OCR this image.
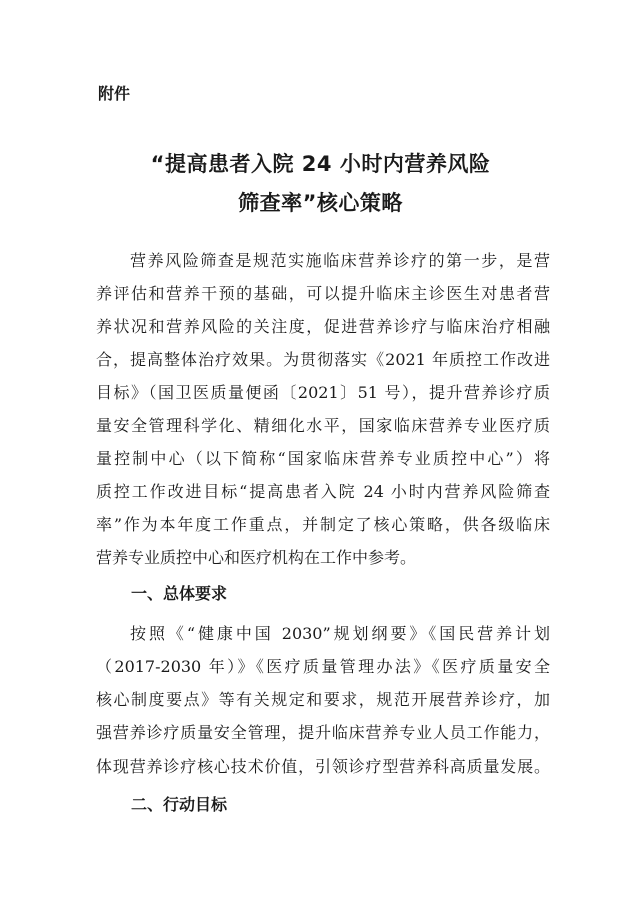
附件
“提高患者入院 24 小时内营养风险
筛查率”核心策略
营养风险筛查是规范实施临床营养诊疗的第一步，是营
养评估和营养干预的基础，可以提升临床主诊医生对患者营
养状况和营养风险的关注度，促进营养诊疗与临床治疗相融
合，提高整体治疗效果。为贯彻落实《2021 年质控工作改进
目标》（国卫医质量便函〔2021〕51 号），提升营养诊疗质
量安全管理科学化、精细化水平，国家临床营养专业医疗质
量控制中心（以下简称“国家临床营养专业质控中心”）将
质控工作改进目标“提高患者入院 24 小时内营养风险筛查
率”作为本年度工作重点，并制定了核心策略，供各级临床
营养专业质控中心和医疗机构在工作中参考。
一、总体要求
按照《“健康中国 2030”规划纲要》《国民营养计划
（2017-2030 年）》《医疗质量管理办法》《医疗质量安全
核心制度要点》等有关规定和要求，规范开展营养诊疗，加
强营养诊疗质量安全管理，提升临床营养专业人员工作能力，
体现营养诊疗核心技术价值，引领诊疗型营养科高质量发展。
二、行动目标
